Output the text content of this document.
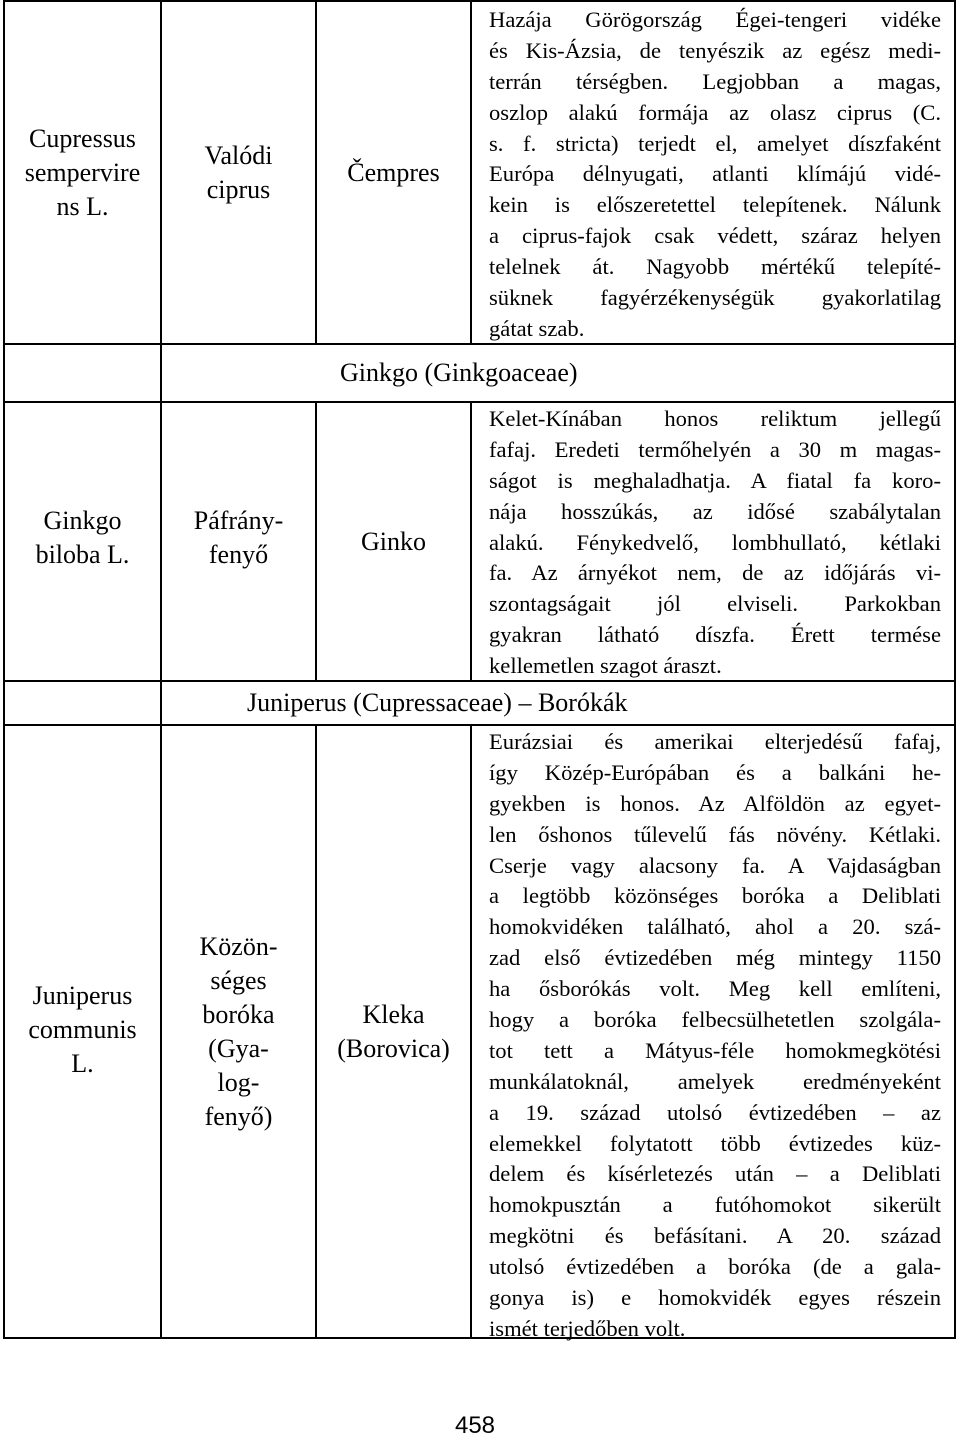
Cupressus
sempervire
ns L.
Valódi
ciprus
Čempres
Hazája Görögország Égei-tengeri vidéke
és Kis-Ázsia, de tenyészik az egész medi-
terrán térségben. Legjobban a magas,
oszlop alakú formája az olasz ciprus (C.
s. f. stricta) terjedt el, amelyet díszfaként
Európa délnyugati, atlanti klímájú vidé-
kein is előszeretettel telepítenek. Nálunk
a ciprus-fajok csak védett, száraz helyen
telelnek át. Nagyobb mértékű telepíté-
süknek fagyérzékenységük gyakorlatilag
gátat szab.
Ginkgo (Ginkgoaceae)
Ginkgo
biloba L.
Páfrány-
fenyő	Ginko
Kelet-Kínában honos reliktum jellegű
fafaj. Eredeti termőhelyén a 30 m magas-
ságot is meghaladhatja. A fiatal fa koro-
nája hosszúkás, az idősé szabálytalan
alakú. Fénykedvelő, lombhullató, kétlaki
fa. Az árnyékot nem, de az időjárás vi-
szontagságait jól elviseli. Parkokban
gyakran látható díszfa. Érett termése
kellemetlen szagot áraszt.
Juniperus (Cupressaceae) – Borókák
Juniperus
communis
L.
Közön-
séges
boróka
(Gya-
log-
fenyő)
Kleka
(Borovica)
Eurázsiai és amerikai elterjedésű fafaj,
így Közép-Európában és a balkáni he-
gyekben is honos. Az Alföldön az egyet-
len őshonos tűlevelű fás növény. Kétlaki.
Cserje vagy alacsony fa. A Vajdaságban
a legtöbb közönséges boróka a Deliblati
homokvidéken található, ahol a 20. szá-
zad első évtizedében még mintegy 1150
ha ősborókás volt. Meg kell említeni,
hogy a boróka felbecsülhetetlen szolgála-
tot tett a Mátyus-féle homokmegkötési
munkálatoknál, amelyek eredményeként
a 19. század utolsó évtizedében – az
elemekkel folytatott több évtizedes küz-
delem és kísérletezés után – a Deliblati
homokpusztán a futóhomokot sikerült
megkötni és befásítani. A 20. század
utolsó évtizedében a boróka (de a gala-
gonya is) e homokvidék egyes részein
ismét terjedőben volt.
458
